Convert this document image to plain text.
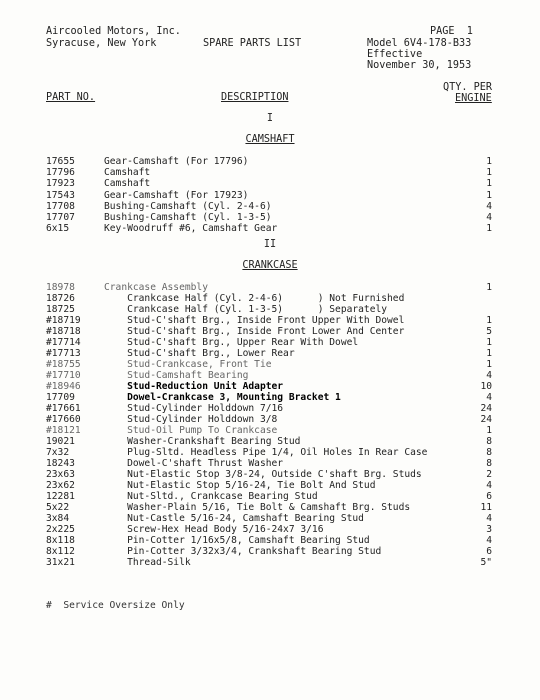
Aircooled Motors, Inc.
Syracuse, New York	SPARE PARTS LIST
PAGE  1
Model 6V4-178-B33
Effective
November 30, 1953
PART NO.	DESCRIPTION
QTY. PER
ENGINE
I
CAMSHAFT
17655	Gear-Camshaft (For 17796)	1
17796	Camshaft	1
17923	Camshaft	1
17543	Gear-Camshaft (For 17923)	1
17708	Bushing-Camshaft (Cyl. 2-4-6)	4
17707	Bushing-Camshaft (Cyl. 1-3-5)	4
6x15	Key-Woodruff #6, Camshaft Gear	1
II
CRANKCASE
18978	Crankcase Assembly	1
18726	Crankcase Half (Cyl. 2-4-6)      ) Not Furnished
18725	Crankcase Half (Cyl. 1-3-5)      ) Separately
#18719 Stud-C'shaft Brg., Inside Front Upper With Dowel	1
#18718 Stud-C'shaft Brg., Inside Front Lower And Center	5
#17714 Stud-C'shaft Brg., Upper Rear With Dowel	1
#17713 Stud-C'shaft Brg., Lower Rear	1
#18755 Stud-Crankcase, Front Tie	1
#17710 Stud-Camshaft Bearing	4
#18946 Stud-Reduction Unit Adapter	10
17709	Dowel-Crankcase 3, Mounting Bracket 1	4
#17661 Stud-Cylinder Holddown 7/16	24
#17660 Stud-Cylinder Holddown 3/8	24
#18121 Stud-Oil Pump To Crankcase	1
19021	Washer-Crankshaft Bearing Stud	8
7x32	Plug-Sltd. Headless Pipe 1/4, Oil Holes In Rear Case	8
18243	Dowel-C'shaft Thrust Washer	8
23x63	Nut-Elastic Stop 3/8-24, Outside C'shaft Brg. Studs	2
23x62	Nut-Elastic Stop 5/16-24, Tie Bolt And Stud	4
12281	Nut-Sltd., Crankcase Bearing Stud	6
5x22	Washer-Plain 5/16, Tie Bolt & Camshaft Brg. Studs	11
3x84	Nut-Castle 5/16-24, Camshaft Bearing Stud	4
2x225	Screw-Hex Head Body 5/16-24x7 3/16	3
8x118	Pin-Cotter 1/16x5/8, Camshaft Bearing Stud	4
8x112	Pin-Cotter 3/32x3/4, Crankshaft Bearing Stud	6
31x21	Thread-Silk	5"
#  Service Oversize Only
